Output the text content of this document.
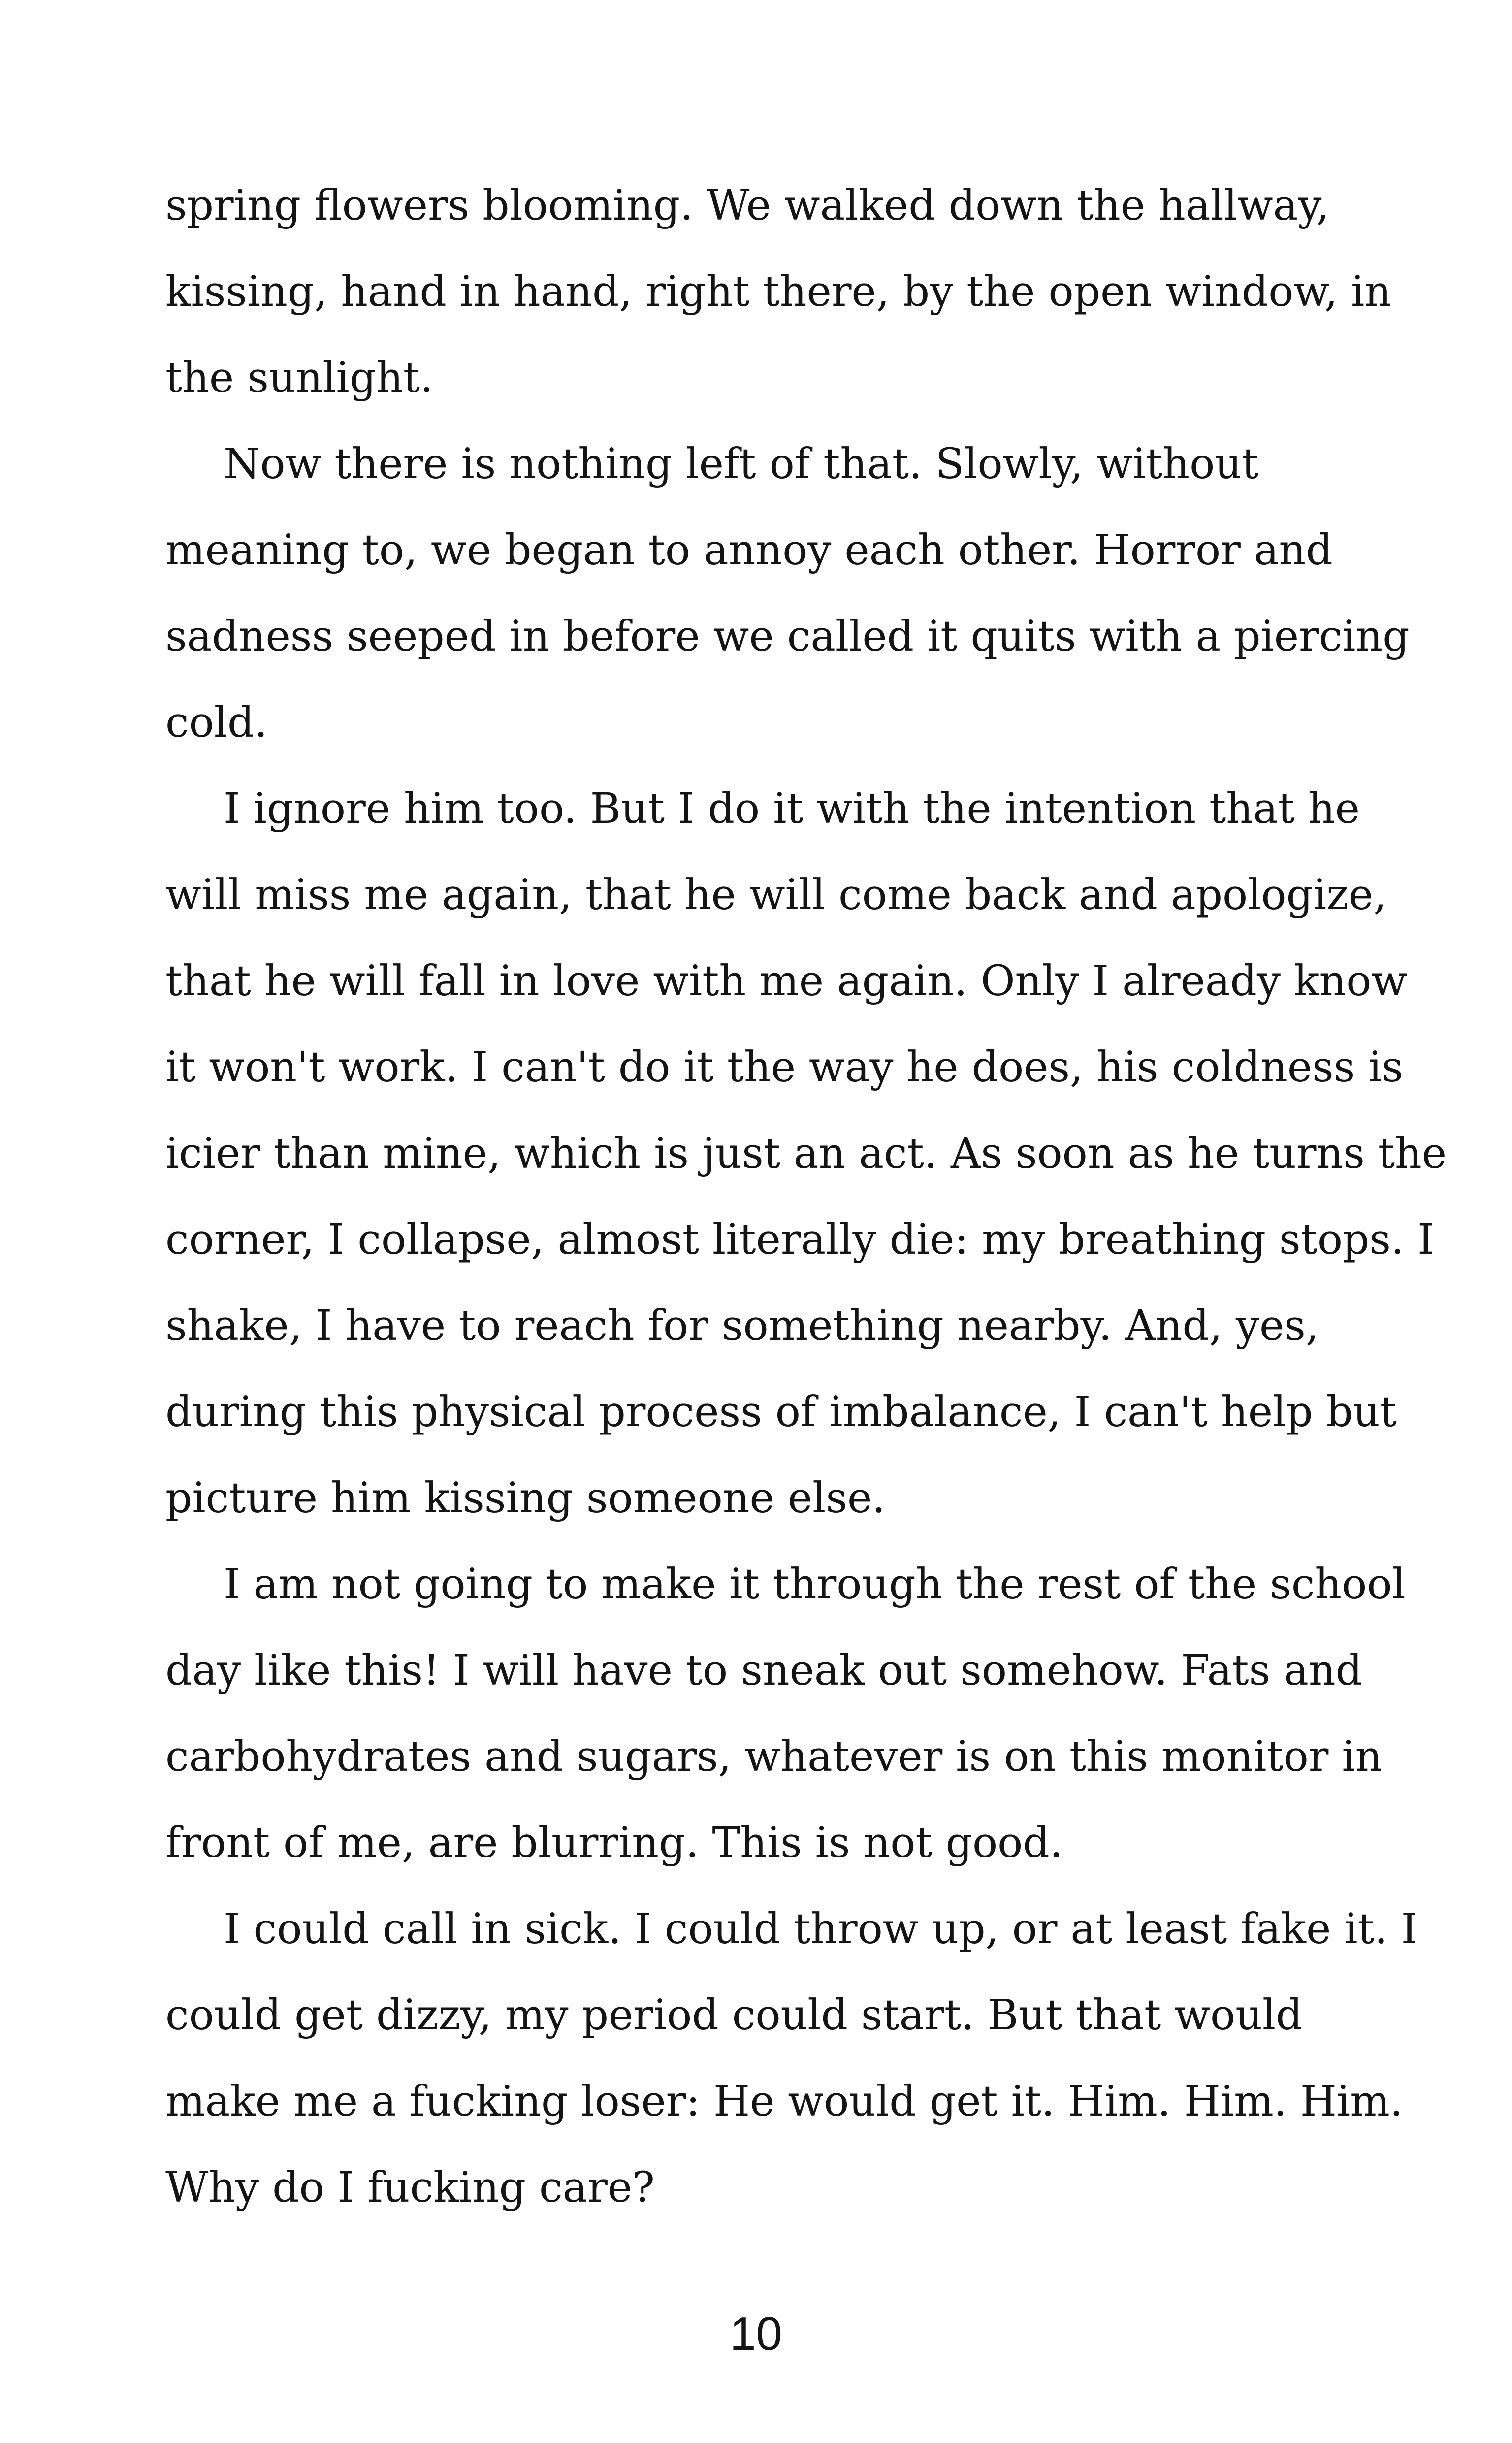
spring flowers blooming. We walked down the hallway,
kissing, hand in hand, right there, by the open window, in
the sunlight.

Now there is nothing left of that. Slowly, without
meaning to, we began to annoy each other. Horror and
sadness seeped in before we called it quits with a piercing
cold.

I ignore him too. But I do it with the intention that he
will miss me again, that he will come back and apologize,
that he will fall in love with me again. Only I already know
it won't work. I can't do it the way he does, his coldness is
icier than mine, which is just an act. As soon as he turns the
corner, I collapse, almost literally die: my breathing stops. I
shake, I have to reach for something nearby. And, yes,
during this physical process of imbalance, I can't help but
picture him kissing someone else.

I am not going to make it through the rest of the school
day like this! I will have to sneak out somehow. Fats and
carbohydrates and sugars, whatever is on this monitor in
front of me, are blurring. This is not good.

I could call in sick. I could throw up, or at least fake it. I
could get dizzy, my period could start. But that would
make me a fucking loser: He would get it. Him. Him. Him.
Why do I fucking care?

10
